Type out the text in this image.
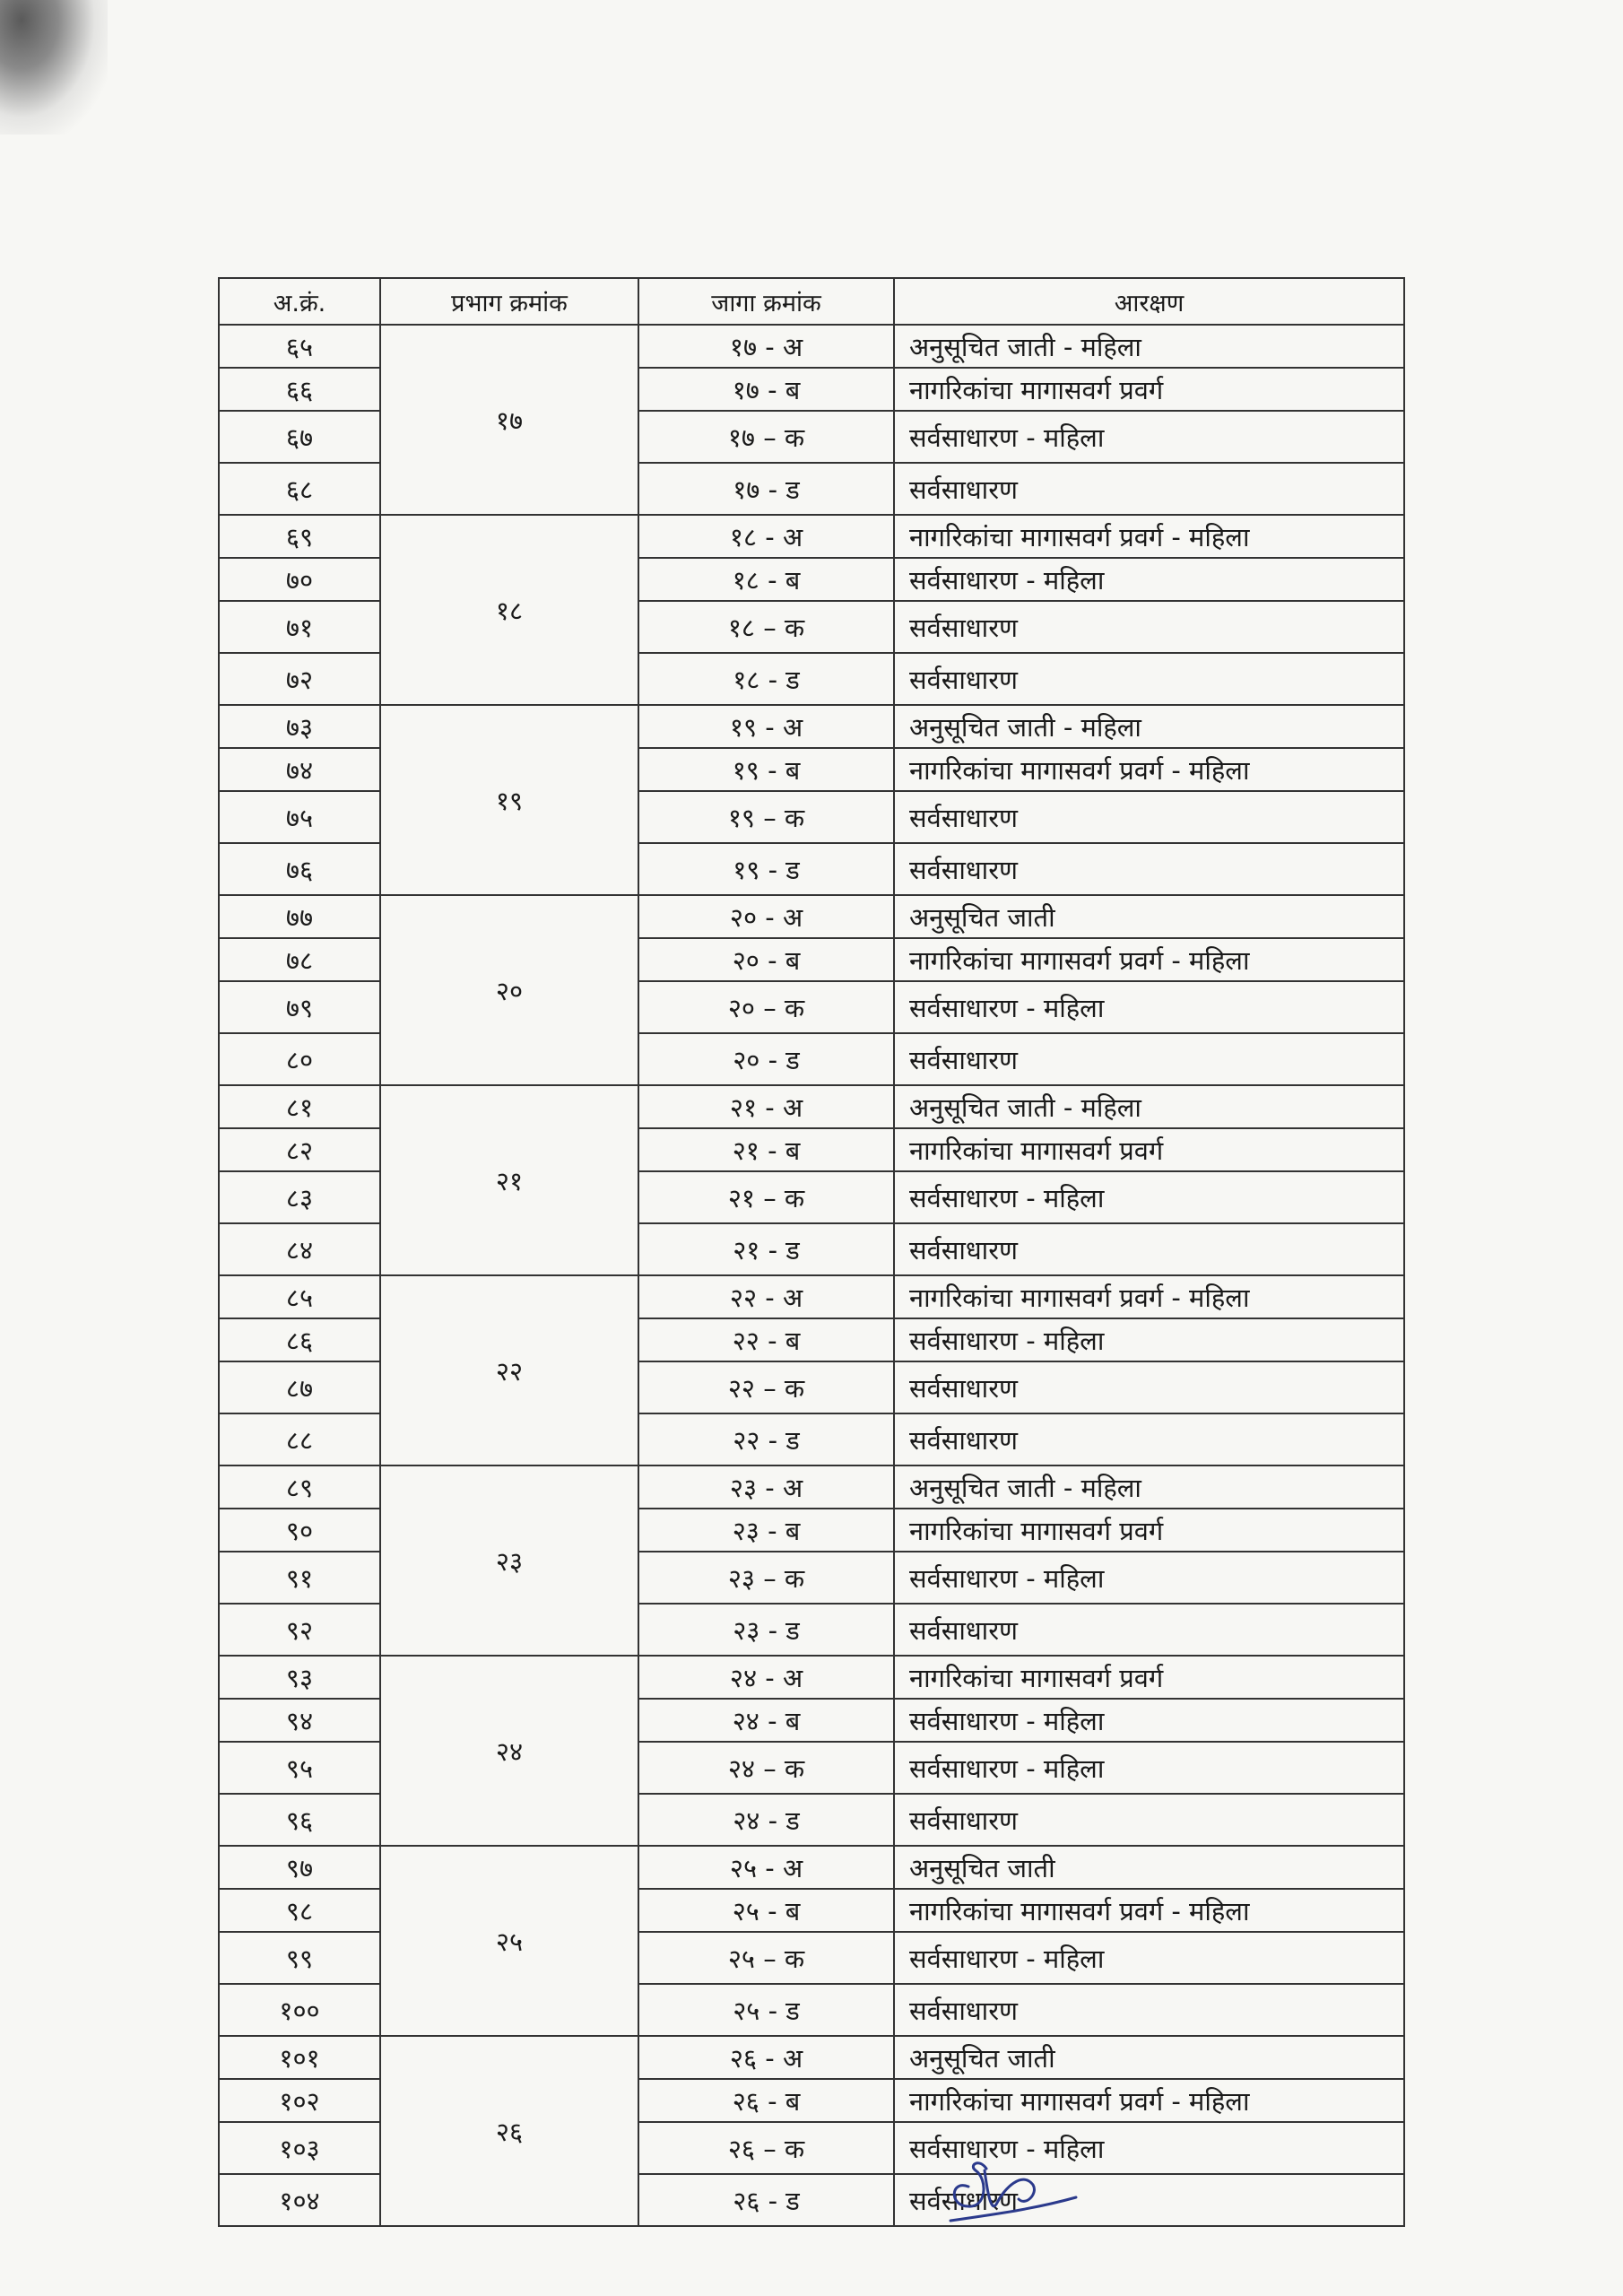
अ.क्रं.	प्रभाग क्रमांक	जागा क्रमांक	आरक्षण
६५	१७	१७ - अ	अनुसूचित जाती - महिला
६६		१७ - ब	नागरिकांचा मागासवर्ग प्रवर्ग
६७		१७ – क	सर्वसाधारण - महिला
६८		१७ - ड	सर्वसाधारण
६९	१८	१८ - अ	नागरिकांचा मागासवर्ग प्रवर्ग - महिला
७०		१८ - ब	सर्वसाधारण - महिला
७१		१८ – क	सर्वसाधारण
७२		१८ - ड	सर्वसाधारण
७३	१९	१९ - अ	अनुसूचित जाती - महिला
७४		१९ - ब	नागरिकांचा मागासवर्ग प्रवर्ग - महिला
७५		१९ – क	सर्वसाधारण
७६		१९ - ड	सर्वसाधारण
७७	२०	२० - अ	अनुसूचित जाती
७८		२० - ब	नागरिकांचा मागासवर्ग प्रवर्ग - महिला
७९		२० – क	सर्वसाधारण - महिला
८०		२० - ड	सर्वसाधारण
८१	२१	२१ - अ	अनुसूचित जाती - महिला
८२		२१ - ब	नागरिकांचा मागासवर्ग प्रवर्ग
८३		२१ – क	सर्वसाधारण - महिला
८४		२१ - ड	सर्वसाधारण
८५	२२	२२ - अ	नागरिकांचा मागासवर्ग प्रवर्ग - महिला
८६		२२ - ब	सर्वसाधारण - महिला
८७		२२ – क	सर्वसाधारण
८८		२२ - ड	सर्वसाधारण
८९	२३	२३ - अ	अनुसूचित जाती - महिला
९०		२३ - ब	नागरिकांचा मागासवर्ग प्रवर्ग
९१		२३ – क	सर्वसाधारण - महिला
९२		२३ - ड	सर्वसाधारण
९३	२४	२४ - अ	नागरिकांचा मागासवर्ग प्रवर्ग
९४		२४ - ब	सर्वसाधारण - महिला
९५		२४ – क	सर्वसाधारण - महिला
९६		२४ - ड	सर्वसाधारण
९७	२५	२५ - अ	अनुसूचित जाती
९८		२५ - ब	नागरिकांचा मागासवर्ग प्रवर्ग - महिला
९९		२५ – क	सर्वसाधारण - महिला
१००		२५ - ड	सर्वसाधारण
१०१	२६	२६ - अ	अनुसूचित जाती
१०२		२६ - ब	नागरिकांचा मागासवर्ग प्रवर्ग - महिला
१०३		२६ – क	सर्वसाधारण - महिला
१०४		२६ - ड	सर्वसाधारण
